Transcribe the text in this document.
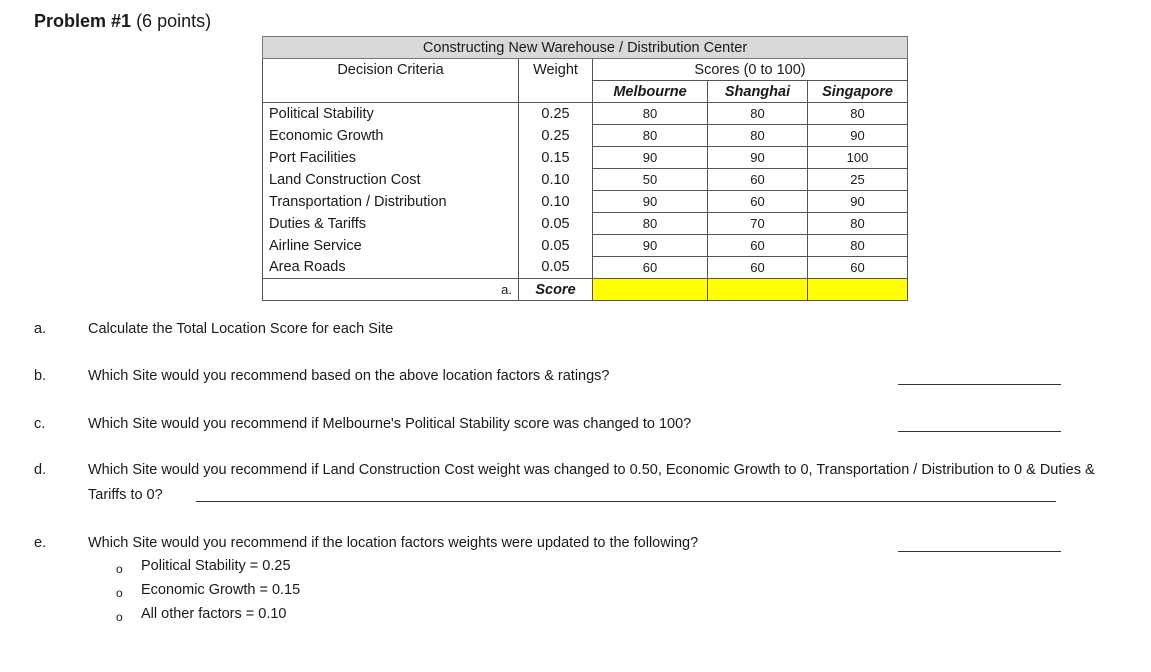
Problem #1 (6 points)
Constructing New Warehouse / Distribution Center				
Decision Criteria	Weight	Scores (0 to 100)		
		Melbourne	Shanghai	Singapore
Political Stability	0.25	80	80	80
Economic Growth	0.25	80	80	90
Port Facilities	0.15	90	90	100
Land Construction Cost	0.10	50	60	25
Transportation / Distribution	0.10	90	60	90
Duties & Tariffs	0.05	80	70	80
Airline Service	0.05	90	60	80
Area Roads	0.05	60	60	60
a.	Score			
a.	Calculate the Total Location Score for each Site
b.	Which Site would you recommend based on the above location factors & ratings?
c.	Which Site would you recommend if Melbourne's Political Stability score was changed to 100?
d.	Which Site would you recommend if Land Construction Cost weight was changed to 0.50, Economic Growth to 0, Transportation / Distribution to 0 & Duties &
Tariffs to 0?
e.	Which Site would you recommend if the location factors weights were updated to the following?
o Political Stability = 0.25
o Economic Growth = 0.15
o All other factors = 0.10
